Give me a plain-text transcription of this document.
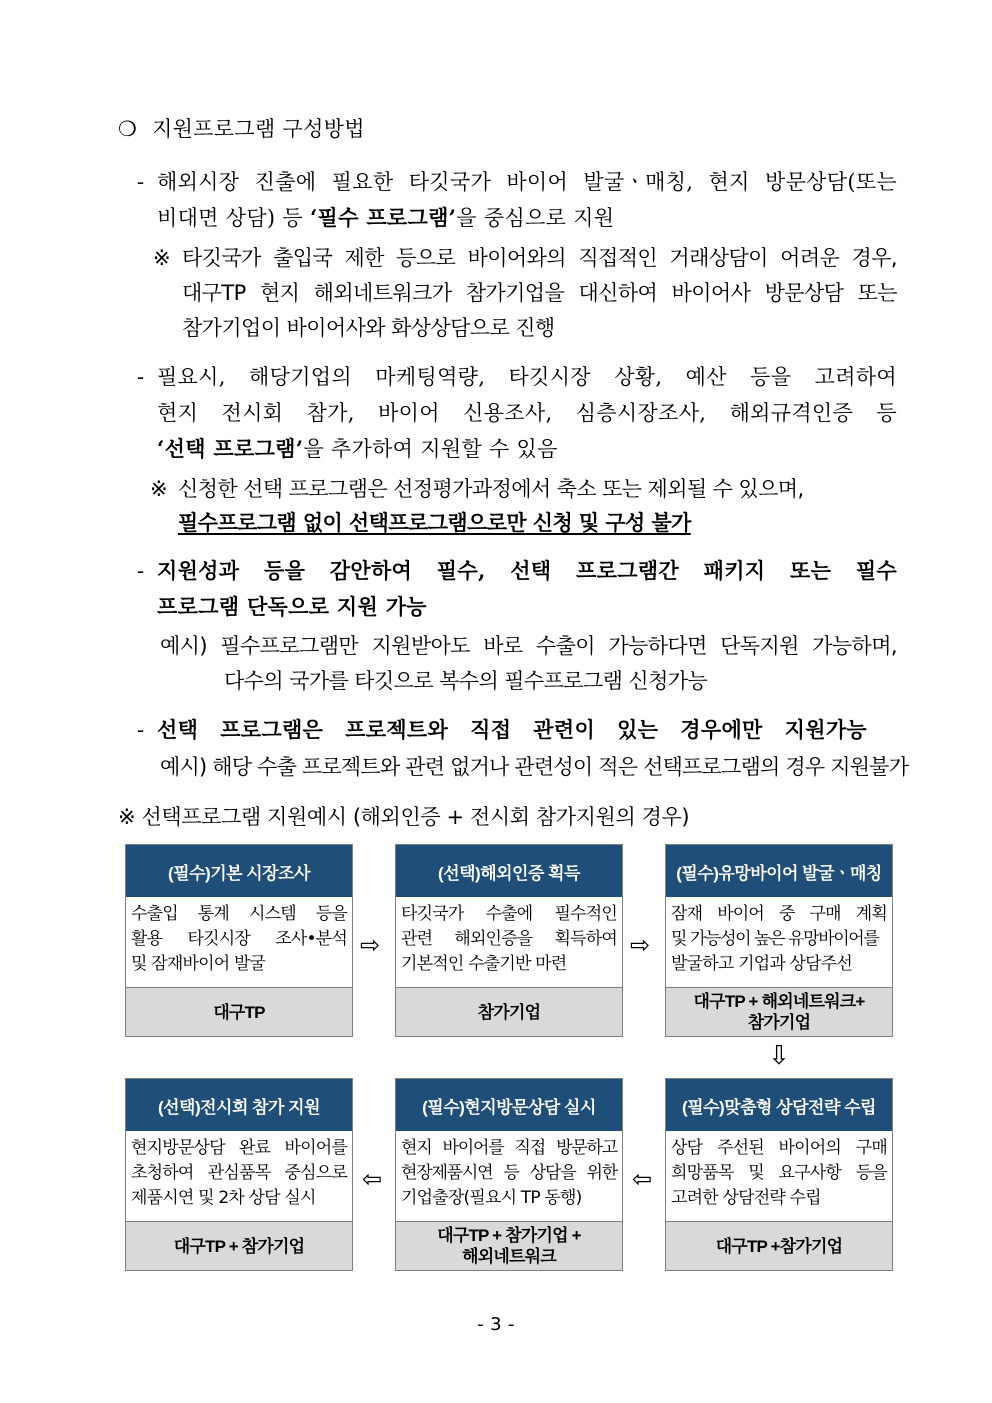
❍ 지원프로그램 구성방법
- 해외시장 진출에 필요한 타깃국가 바이어 발굴ㆍ매칭, 현지 방문상담(또는
비대면 상담) 등 ‘필수 프로그램’을 중심으로 지원
※ 타깃국가 출입국 제한 등으로 바이어와의 직접적인 거래상담이 어려운 경우,
대구TP 현지 해외네트워크가 참가기업을 대신하여 바이어사 방문상담 또는
참가기업이 바이어사와 화상상담으로 진행
- 필요시, 해당기업의 마케팅역량, 타깃시장 상황, 예산 등을 고려하여
현지 전시회 참가, 바이어 신용조사, 심층시장조사, 해외규격인증 등
‘선택 프로그램’을 추가하여 지원할 수 있음
※ 신청한 선택 프로그램은 선정평가과정에서 축소 또는 제외될 수 있으며,
필수프로그램 없이 선택프로그램으로만 신청 및 구성 불가
- 지원성과 등을 감안하여 필수, 선택 프로그램간 패키지 또는 필수
프로그램 단독으로 지원 가능
예시) 필수프로그램만 지원받아도 바로 수출이 가능하다면 단독지원 가능하며,
다수의 국가를 타깃으로 복수의 필수프로그램 신청가능
- 선택 프로그램은 프로젝트와 직접 관련이 있는 경우에만 지원가능
예시) 해당 수출 프로젝트와 관련 없거나 관련성이 적은 선택프로그램의 경우 지원불가
※ 선택프로그램 지원예시 (해외인증 + 전시회 참가지원의 경우)
(필수)기본 시장조사
수출입 통계 시스템 등을
활용 타깃시장 조사•분석
및 잠재바이어 발굴
대구TP
⇨
(선택)해외인증 획득
타깃국가 수출에 필수적인
관련 해외인증을 획득하여
기본적인 수출기반 마련
참가기업
⇨
(필수)유망바이어 발굴ㆍ매칭
잠재 바이어 중 구매 계획
및 가능성이 높은 유망바이어를
발굴하고 기업과 상담주선
대구TP + 해외네트워크+
참가기업
⇩
(선택)전시회 참가 지원
현지방문상담 완료 바이어를
초청하여 관심품목 중심으로
제품시연 및 2차 상담 실시
대구TP + 참가기업
⇦
(필수)현지방문상담 실시
현지 바이어를 직접 방문하고
현장제품시연 등 상담을 위한
기업출장(필요시 TP 동행)
대구TP + 참가기업 +
해외네트워크
⇦
(필수)맞춤형 상담전략 수립
상담 주선된 바이어의 구매
희망품목 및 요구사항 등을
고려한 상담전략 수립
대구TP +참가기업
- 3 -
